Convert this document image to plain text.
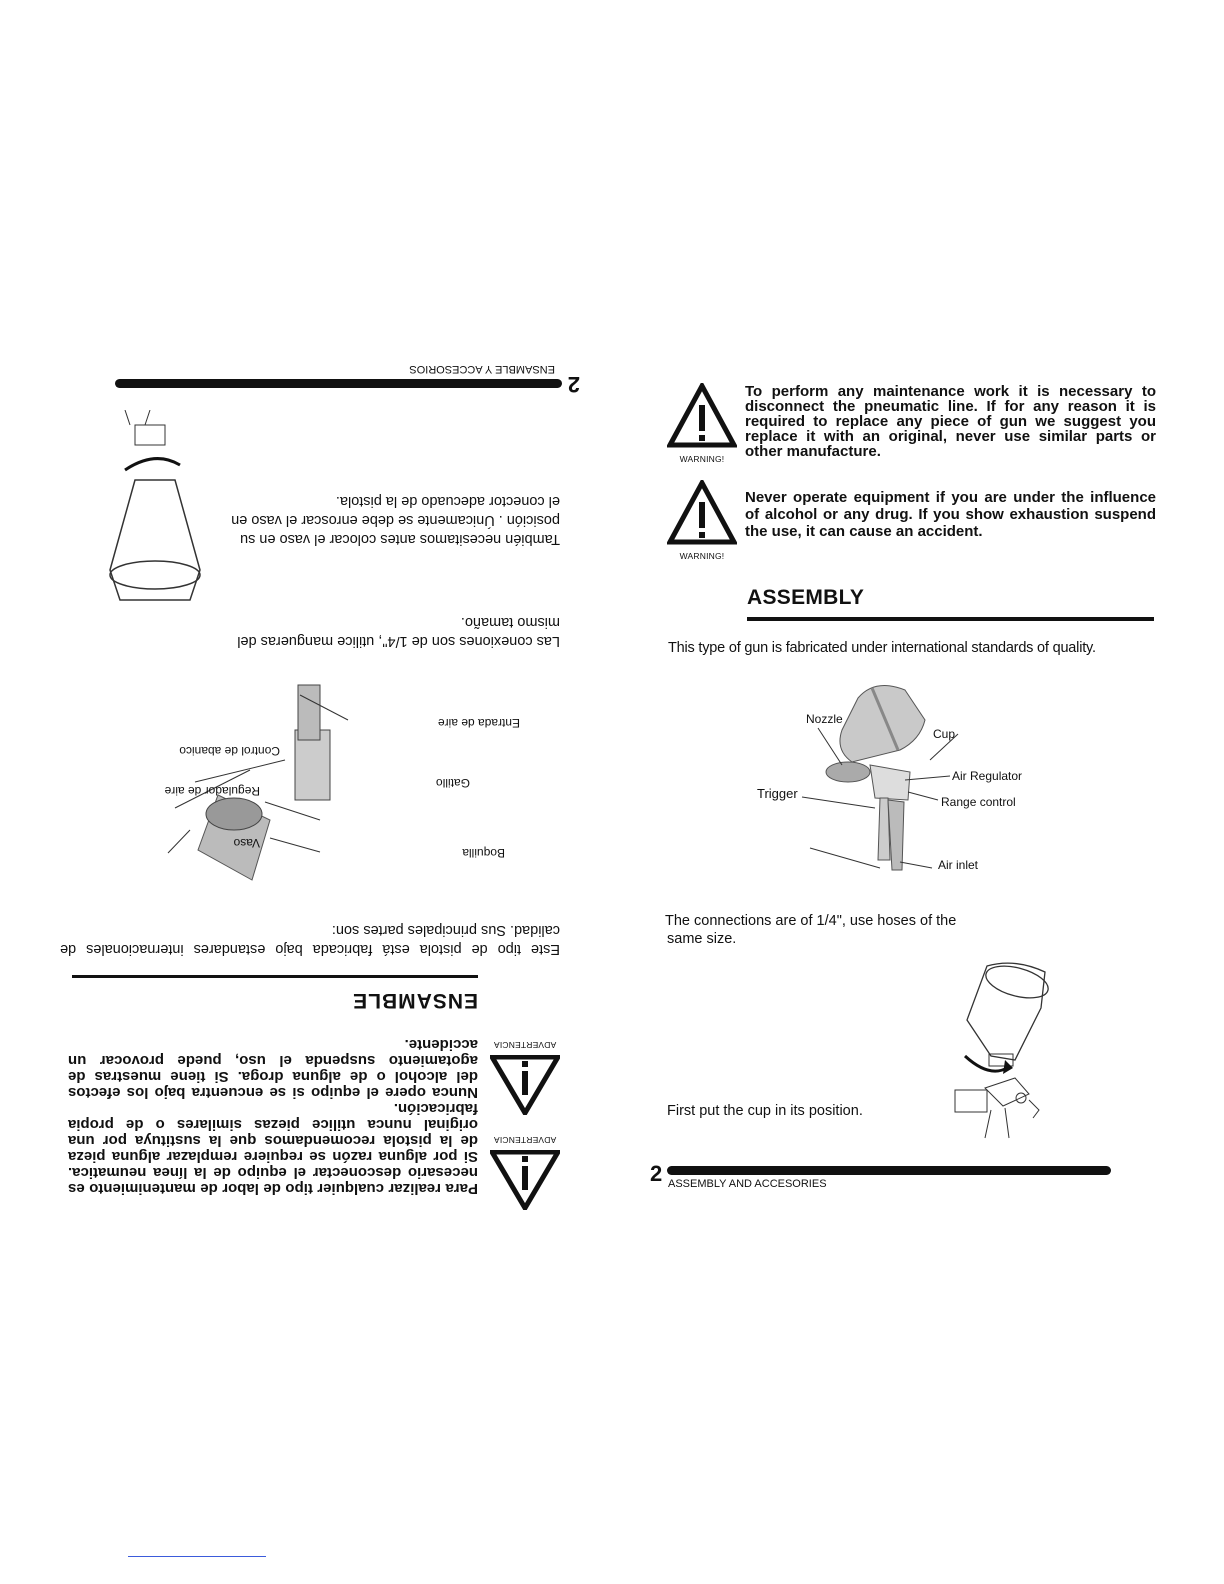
2
ENSAMBLE Y ACCESORIOS
ADVERTENCIA
Para realizar cualquier tipo de labor de mantenimiento es necesario desconectar el equipo de la línea neumatica. Si por alguna razón se requiere remplazar alguna pieza de la pistola recomendamos que la sustituya por una original nunca utilice piezas similares o de propia fabricación.
ADVERTENCIA
Nunca opere el equipo si se encuentra bajo los efectos del alcohol o de alguna droga. Si tiene muestras de agotamiento suspenda el uso, puede provocar un accidente.
ENSAMBLE
Este tipo de pistola está fabricada bajo estandares internacionales de calidad. Sus principales partes son:
Entrada de aire
Control de abanico
Gatillo
Regulador de aire
Vaso
Boquilla
Las conexiones son de 1/4", utilice mangueras del mismo tamaño.
También necesitamos antes colocar el vaso en su posición . Únicamente se debe enroscar el vaso en el conector adecuado de la pistola.
WARNING!
To perform any maintenance work it is necessary to disconnect the pneumatic line. If for any reason it is required to replace any piece of gun we suggest you replace it with an original, never use similar parts or other manufacture.
WARNING!
Never operate equipment if you are under the influence of alcohol or any drug. If you show exhaustion suspend the use, it can cause an accident.
ASSEMBLY
This type of gun is fabricated under international standards of quality.
Nozzle
Cup
Air Regulator
Trigger
Range control
Air inlet
The connections are of 1/4", use hoses of the
same size.
First put the cup in its position.
2 ASSEMBLY AND ACCESORIES
